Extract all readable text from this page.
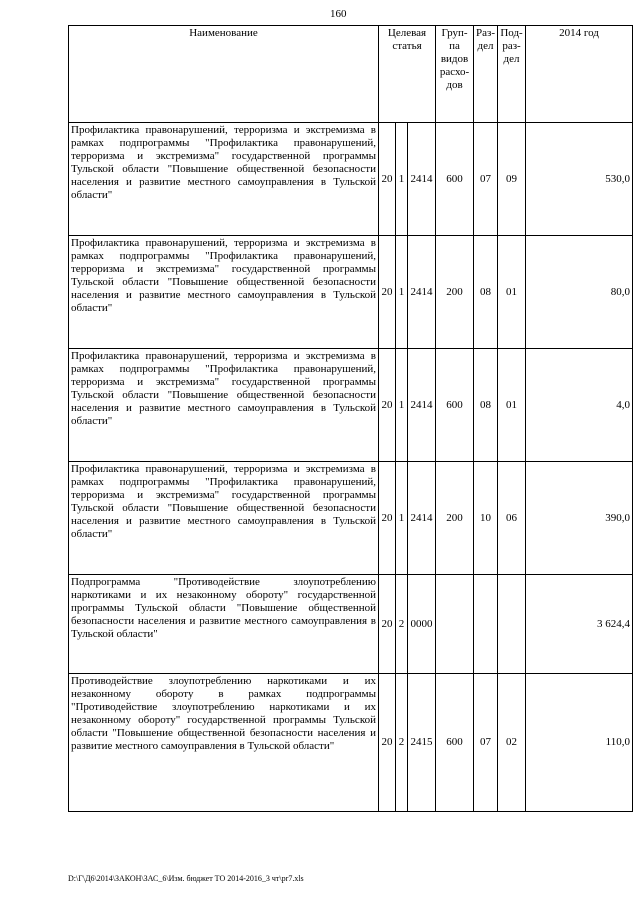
160
Наименование	Целевая статья			Груп-па видов расхо-дов	Раз-дел	Под-раз-дел	2014 год
Профилактика правонарушений, терроризма и экстремизма в рамках подпрограммы "Профилактика правонарушений, терроризма и экстремизма" государственной программы Тульской области "Повышение общественной безопасности населения и развитие местного самоуправления в Тульской области"	20	1	2414	600	07	09	530,0
Профилактика правонарушений, терроризма и экстремизма в рамках подпрограммы "Профилактика правонарушений, терроризма и экстремизма" государственной программы Тульской области "Повышение общественной безопасности населения и развитие местного самоуправления в Тульской области"	20	1	2414	200	08	01	80,0
Профилактика правонарушений, терроризма и экстремизма в рамках подпрограммы "Профилактика правонарушений, терроризма и экстремизма" государственной программы Тульской области "Повышение общественной безопасности населения и развитие местного самоуправления в Тульской области"	20	1	2414	600	08	01	4,0
Профилактика правонарушений, терроризма и экстремизма в рамках подпрограммы "Профилактика правонарушений, терроризма и экстремизма" государственной программы Тульской области "Повышение общественной безопасности населения и развитие местного самоуправления в Тульской области"	20	1	2414	200	10	06	390,0
Подпрограмма "Противодействие злоупотреблению наркотиками и их незаконному обороту" государственной программы Тульской области "Повышение общественной безопасности населения и развитие местного самоуправления в Тульской области"	20	2	0000				3 624,4
Противодействие злоупотреблению наркотиками и их незаконному обороту в рамках подпрограммы "Противодействие злоупотреблению наркотиками и их незаконному обороту" государственной программы Тульской области "Повышение общественной безопасности населения и развитие местного самоуправления в Тульской области"	20	2	2415	600	07	02	110,0
D:\Г\Д6\2014\ЗАКОН\ЗАС_6\Изм. бюджет ТО 2014-2016_3 чт\pr7.xls
